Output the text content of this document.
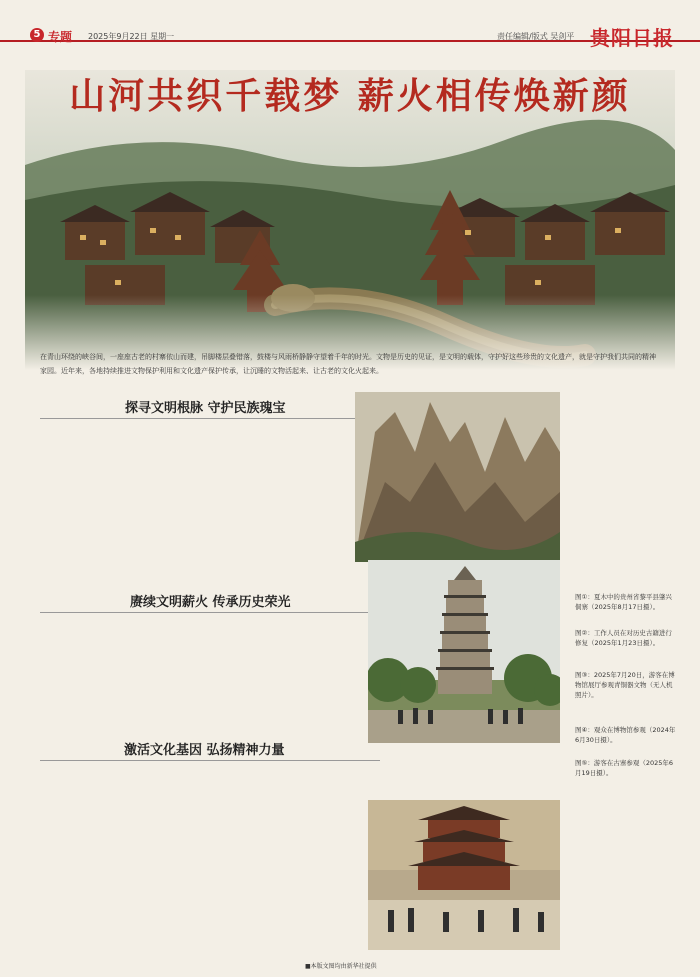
5 专题 2025年9月22日 星期一	责任编辑/版式 吴剑平 贵阳日报
山河共织千载梦 薪火相传焕新颜
在青山环绕的峡谷间，一座座古老的村寨依山而建，吊脚楼层叠错落，鼓楼与风雨桥静静守望着千年的时光。文物是历史的见证，是文明的载体，守护好这些珍贵的文化遗产，就是守护我们共同的精神家园。近年来，各地持续推进文物保护利用和文化遗产保护传承，让沉睡的文物活起来、让古老的文化火起来。
探寻文明根脉 守护民族瑰宝
赓续文明薪火 传承历史荣光
激活文化基因 弘扬精神力量
图①：夏木中的贵州省黎平县肇兴侗寨（2025年8月17日摄）。
图②：工作人员在对历史古籍进行修复（2025年1月23日摄）。
图③：2025年7月20日，游客在博物馆展厅参观青铜器文物（无人机照片）。
图④：观众在博物馆参观（2024年6月30日摄）。
图⑤：游客在古寨参观（2025年6月19日摄）。
■本版文图均由新华社提供
